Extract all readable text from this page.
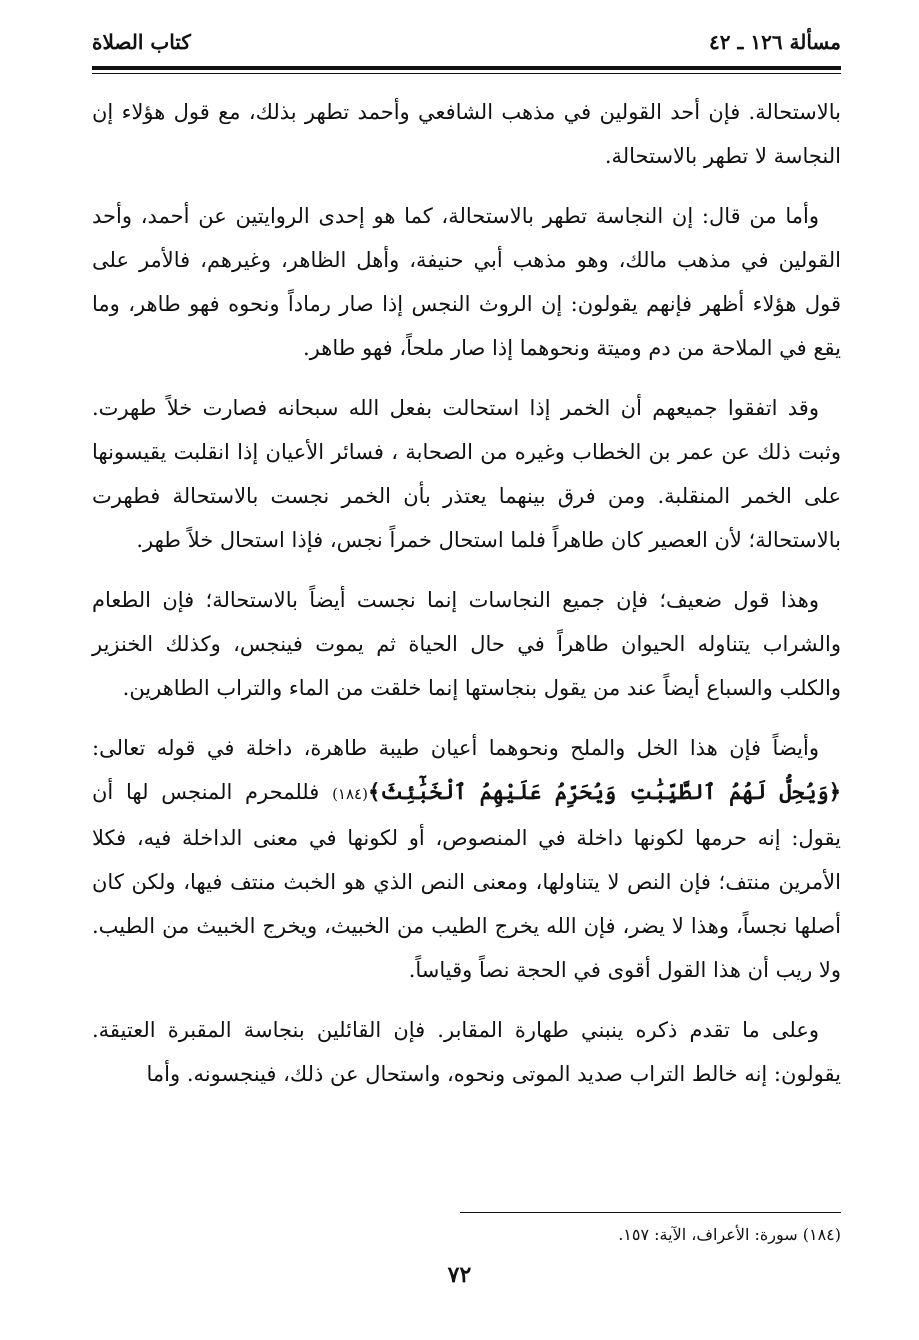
مسألة ١٢٦ ـ ٤٢
كتاب الصلاة

بالاستحالة. فإن أحد القولين في مذهب الشافعي وأحمد تطهر بذلك، مع قول هؤلاء إن النجاسة لا تطهر بالاستحالة.

وأما من قال: إن النجاسة تطهر بالاستحالة، كما هو إحدى الروايتين عن أحمد، وأحد القولين في مذهب مالك، وهو مذهب أبي حنيفة، وأهل الظاهر، وغيرهم، فالأمر على قول هؤلاء أظهر فإنهم يقولون: إن الروث النجس إذا صار رماداً ونحوه فهو طاهر، وما يقع في الملاحة من دم وميتة ونحوهما إذا صار ملحاً، فهو طاهر.

وقد اتفقوا جميعهم أن الخمر إذا استحالت بفعل الله سبحانه فصارت خلاً طهرت. وثبت ذلك عن عمر بن الخطاب وغيره من الصحابة ، فسائر الأعيان إذا انقلبت يقيسونها على الخمر المنقلبة. ومن فرق بينهما يعتذر بأن الخمر نجست بالاستحالة فطهرت بالاستحالة؛ لأن العصير كان طاهراً فلما استحال خمراً نجس، فإذا استحال خلاً طهر.

وهذا قول ضعيف؛ فإن جميع النجاسات إنما نجست أيضاً بالاستحالة؛ فإن الطعام والشراب يتناوله الحيوان طاهراً في حال الحياة ثم يموت فينجس، وكذلك الخنزير والكلب والسباع أيضاً عند من يقول بنجاستها إنما خلقت من الماء والتراب الطاهرين.

وأيضاً فإن هذا الخل والملح ونحوهما أعيان طيبة طاهرة، داخلة في قوله تعالى: ﴿وَيُحِلُّ لَهُمُ ٱلطَّيِّبَٰتِ وَيُحَرِّمُ عَلَيْهِمُ ٱلْخَبَٰٓئِثَ﴾(١٨٤) فللمحرم المنجس لها أن يقول: إنه حرمها لكونها داخلة في المنصوص، أو لكونها في معنى الداخلة فيه، فكلا الأمرين منتف؛ فإن النص لا يتناولها، ومعنى النص الذي هو الخبث منتف فيها، ولكن كان أصلها نجساً، وهذا لا يضر، فإن الله يخرج الطيب من الخبيث، ويخرج الخبيث من الطيب. ولا ريب أن هذا القول أقوى في الحجة نصاً وقياساً.

وعلى ما تقدم ذكره ينبني طهارة المقابر. فإن القائلين بنجاسة المقبرة العتيقة. يقولون: إنه خالط التراب صديد الموتى ونحوه، واستحال عن ذلك، فينجسونه. وأما

(١٨٤) سورة: الأعراف، الآية: ١٥٧.
٧٢
